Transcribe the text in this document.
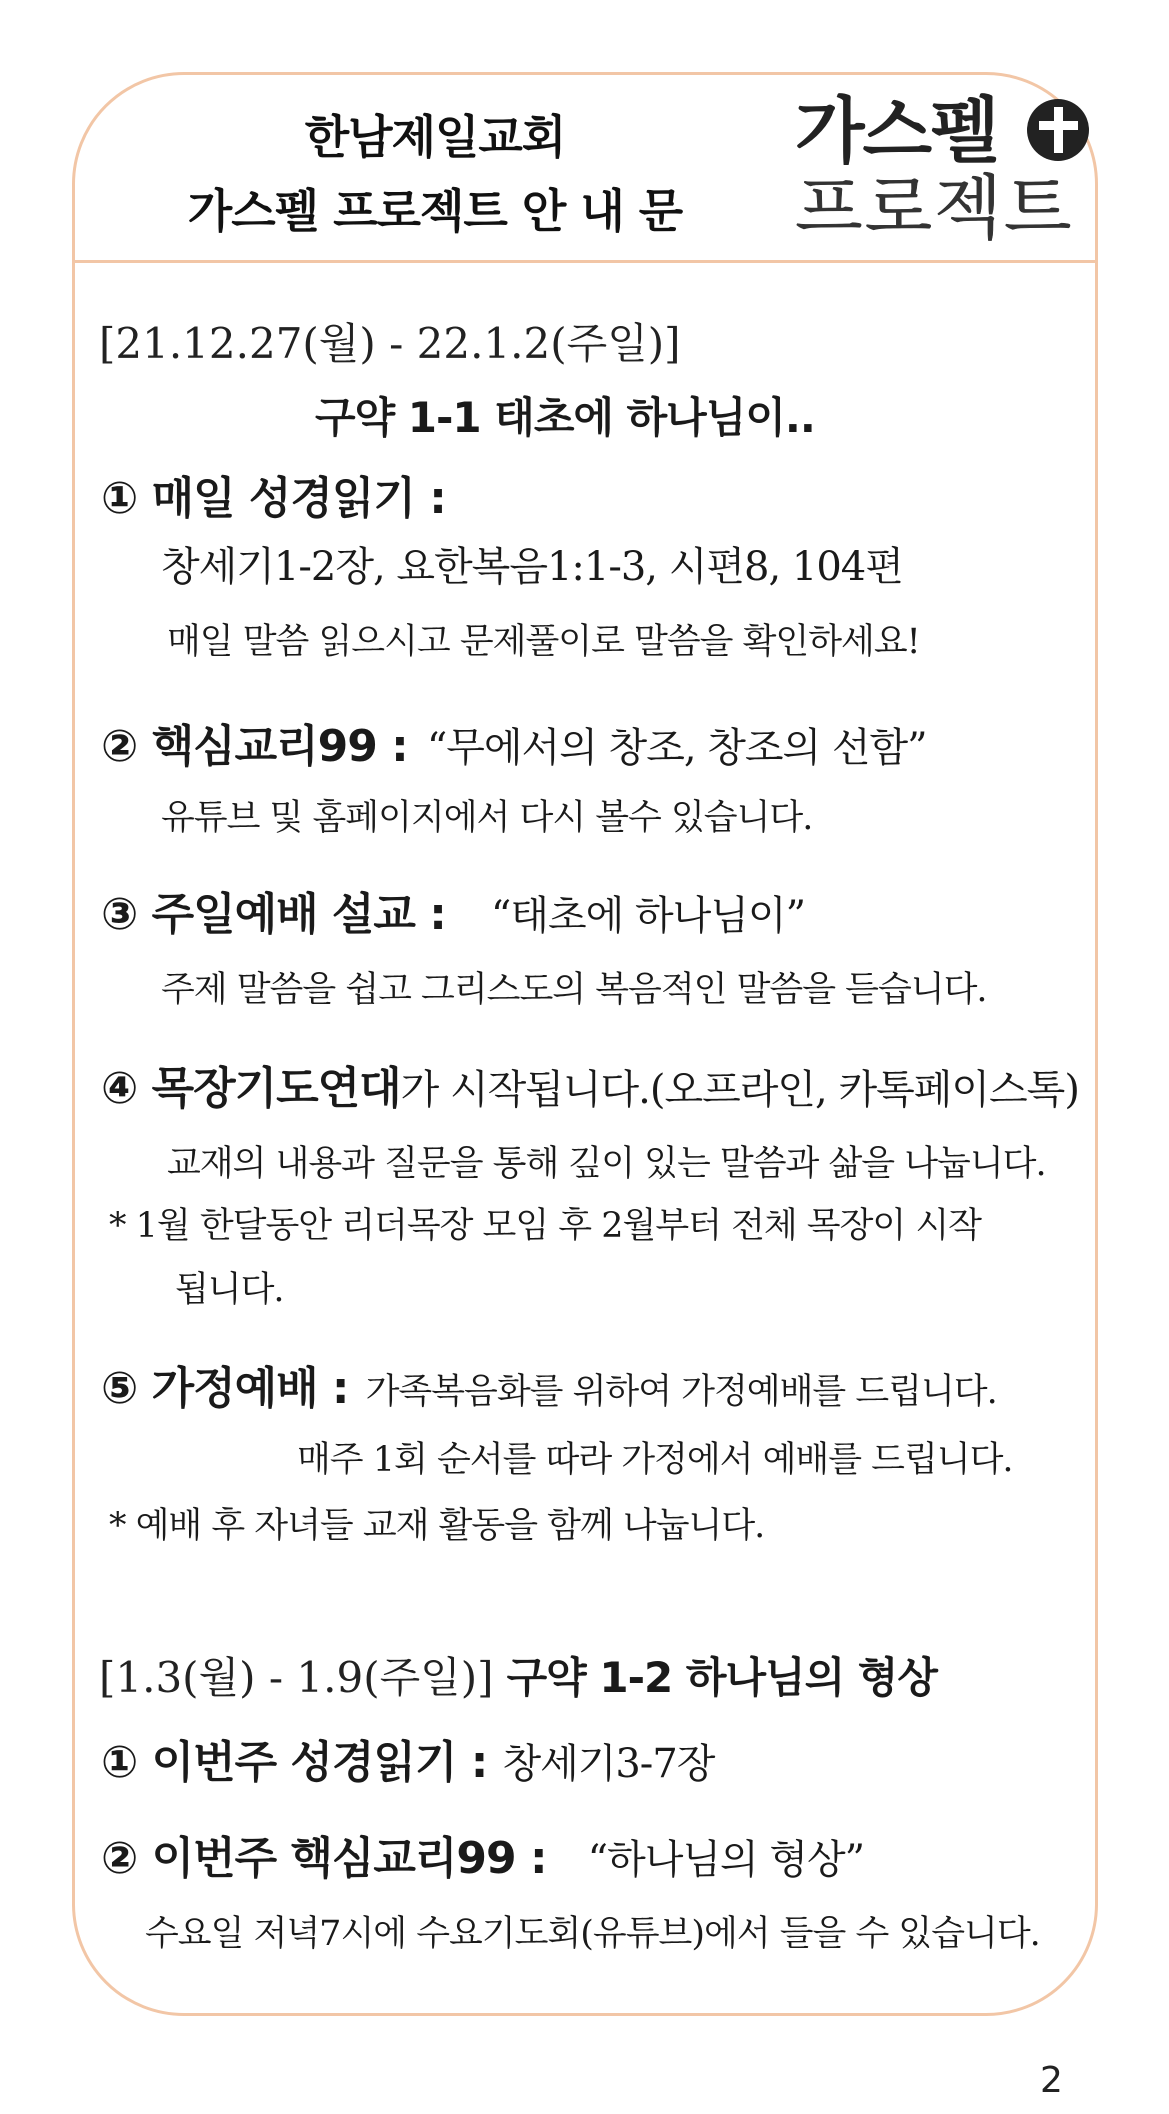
한남제일교회
가스펠 프로젝트 안 내 문
가스펠
프로젝트
[21.12.27(월) - 22.1.2(주일)]
구약 1-1 태초에 하나님이..
① 매일 성경읽기 :
창세기1-2장, 요한복음1:1-3, 시편8, 104편
매일 말씀 읽으시고 문제풀이로 말씀을 확인하세요!
② 핵심교리99 : “무에서의 창조, 창조의 선함”
유튜브 및 홈페이지에서 다시 볼수 있습니다.
③ 주일예배 설교 : “태초에 하나님이”
주제 말씀을 쉽고 그리스도의 복음적인 말씀을 듣습니다.
④ 목장기도연대가 시작됩니다.(오프라인, 카톡페이스톡)
교재의 내용과 질문을 통해 깊이 있는 말씀과 삶을 나눕니다.
* 1월 한달동안 리더목장 모임 후 2월부터 전체 목장이 시작
됩니다.
⑤ 가정예배 : 가족복음화를 위하여 가정예배를 드립니다.
매주 1회 순서를 따라 가정에서 예배를 드립니다.
* 예배 후 자녀들 교재 활동을 함께 나눕니다.
[1.3(월) - 1.9(주일)] 구약 1-2 하나님의 형상
① 이번주 성경읽기 : 창세기3-7장
② 이번주 핵심교리99 : “하나님의 형상”
수요일 저녁7시에 수요기도회(유튜브)에서 들을 수 있습니다.
2
